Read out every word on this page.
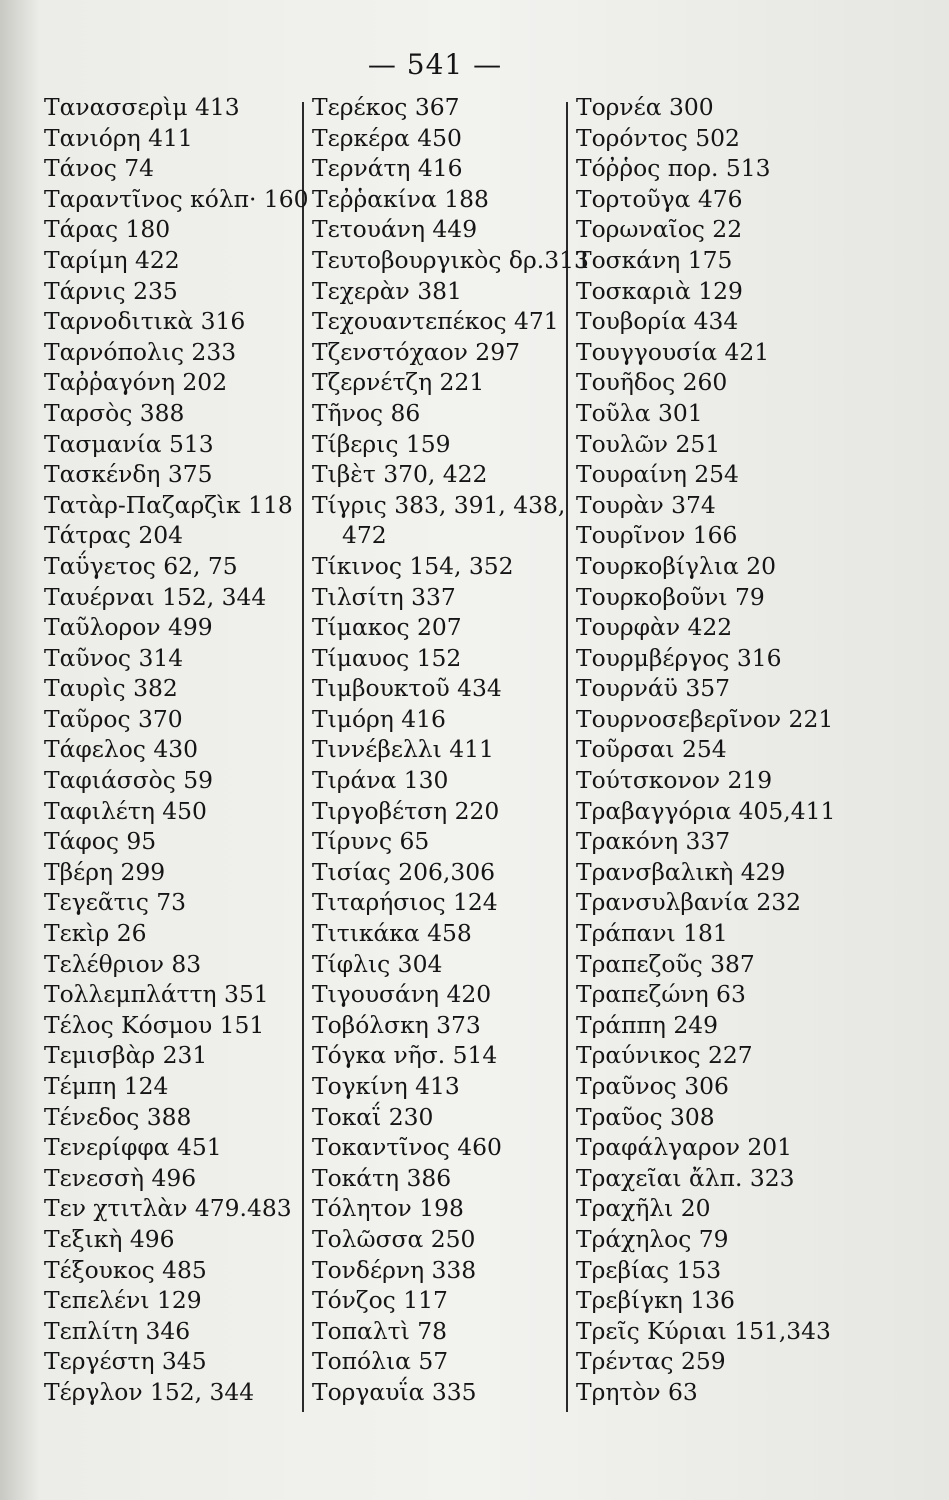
— 541 —
Τανασσερὶμ 413
Τανιόρη 411
Τάνος 74
Ταραντῖνος κόλπ· 160
Τάρας 180
Ταρίμη 422
Τάρνις 235
Ταρνοδιτικὰ 316
Ταρνόπολις 233
Ταῤῥαγόνη 202
Ταρσὸς 388
Τασμανία 513
Τασκένδη 375
Τατὰρ-Παζαρζὶκ 118
Τάτρας 204
Ταΰγετος 62, 75
Ταυέρναι 152, 344
Ταῦλορον 499
Ταῦνος 314
Ταυρὶς 382
Ταῦρος 370
Τάφελος 430
Ταφιάσσὸς 59
Ταφιλέτη 450
Τάφος 95
Τβέρη 299
Τεγεᾶτις 73
Τεκὶρ 26
Τελέθριον 83
Τολλεμπλάττη 351
Τέλος Κόσμου 151
Τεμισβὰρ 231
Τέμπη 124
Τένεδος 388
Τενερίφφα 451
Τενεσσὴ 496
Τεν χτιτλὰν 479.483
Τεξικὴ 496
Τέξουκος 485
Τεπελένι 129
Τεπλίτη 346
Τεργέστη 345
Τέργλον 152, 344
Τερέκος 367
Τερκέρα 450
Τερνάτη 416
Τεῤῥακίνα 188
Τετουάνη 449
Τευτοβουργικὸς δρ.313
Τεχερὰν 381
Τεχουαντεπέκος 471
Τζενστόχαον 297
Τζερνέτζη 221
Τῆνος 86
Τίβερις 159
Τιβὲτ 370, 422
Τίγρις 383, 391, 438,
472
Τίκινος 154, 352
Τιλσίτη 337
Τίμακος 207
Τίμαυος 152
Τιμβουκτοῦ 434
Τιμόρη 416
Τιννέβελλι 411
Τιράνα 130
Τιργοβέτση 220
Τίρυνς 65
Τισίας 206,306
Τιταρήσιος 124
Τιτικάκα 458
Τίφλις 304
Τιγουσάνη 420
Τοβόλσκη 373
Τόγκα νῆσ. 514
Τογκίνη 413
Τοκαΐ 230
Τοκαντῖνος 460
Τοκάτη 386
Τόλητον 198
Τολῶσσα 250
Τονδέρνη 338
Τόνζος 117
Τοπαλτὶ 78
Τοπόλια 57
Τοργαυΐα 335
Τορνέα 300
Τορόντος 502
Τόῤῥος πορ. 513
Τορτοῦγα 476
Τορωναῖος 22
Τοσκάνη 175
Τοσκαριὰ 129
Τουβορία 434
Τουγγουσία 421
Τουῆδος 260
Τοῦλα 301
Τουλῶν 251
Τουραίνη 254
Τουρὰν 374
Τουρῖνον 166
Τουρκοβίγλια 20
Τουρκοβοῦνι 79
Τουρφὰν 422
Τουρμβέργος 316
Τουρνάϋ 357
Τουρνοσεβερῖνον 221
Τοῦρσαι 254
Τούτσκονον 219
Τραβαγγόρια 405,411
Τρακόνη 337
Τρανσβαλικὴ 429
Τρανσυλβανία 232
Τράπανι 181
Τραπεζοῦς 387
Τραπεζώνη 63
Τράππη 249
Τραύνικος 227
Τραῦνος 306
Τραῦος 308
Τραφάλγαρον 201
Τραχεῖαι ἄλπ. 323
Τραχῆλι 20
Τράχηλος 79
Τρεβίας 153
Τρεβίγκη 136
Τρεῖς Κύριαι 151,343
Τρέντας 259
Τρητὸν 63
